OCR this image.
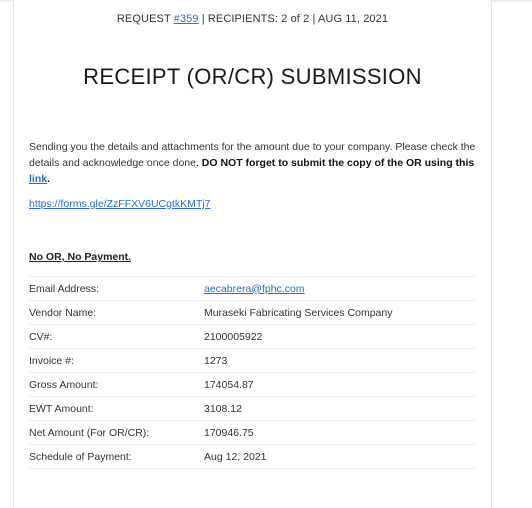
REQUEST #359 | RECIPIENTS: 2 of 2 | AUG 11, 2021
RECEIPT (OR/CR) SUBMISSION
Sending you the details and attachments for the amount due to your company. Please check the details and acknowledge once done. DO NOT forget to submit the copy of the OR using this link.
https://forms.gle/ZzFFXV6UCgtkKMTj7
No OR, No Payment.
Email Address:	aecabrera@fphc.com
Vendor Name:	Muraseki Fabricating Services Company
CV#:	2100005922
Invoice #:	1273
Gross Amount:	174054.87
EWT Amount:	3108.12
Net Amount (For OR/CR):	170946.75
Schedule of Payment:	Aug 12, 2021
